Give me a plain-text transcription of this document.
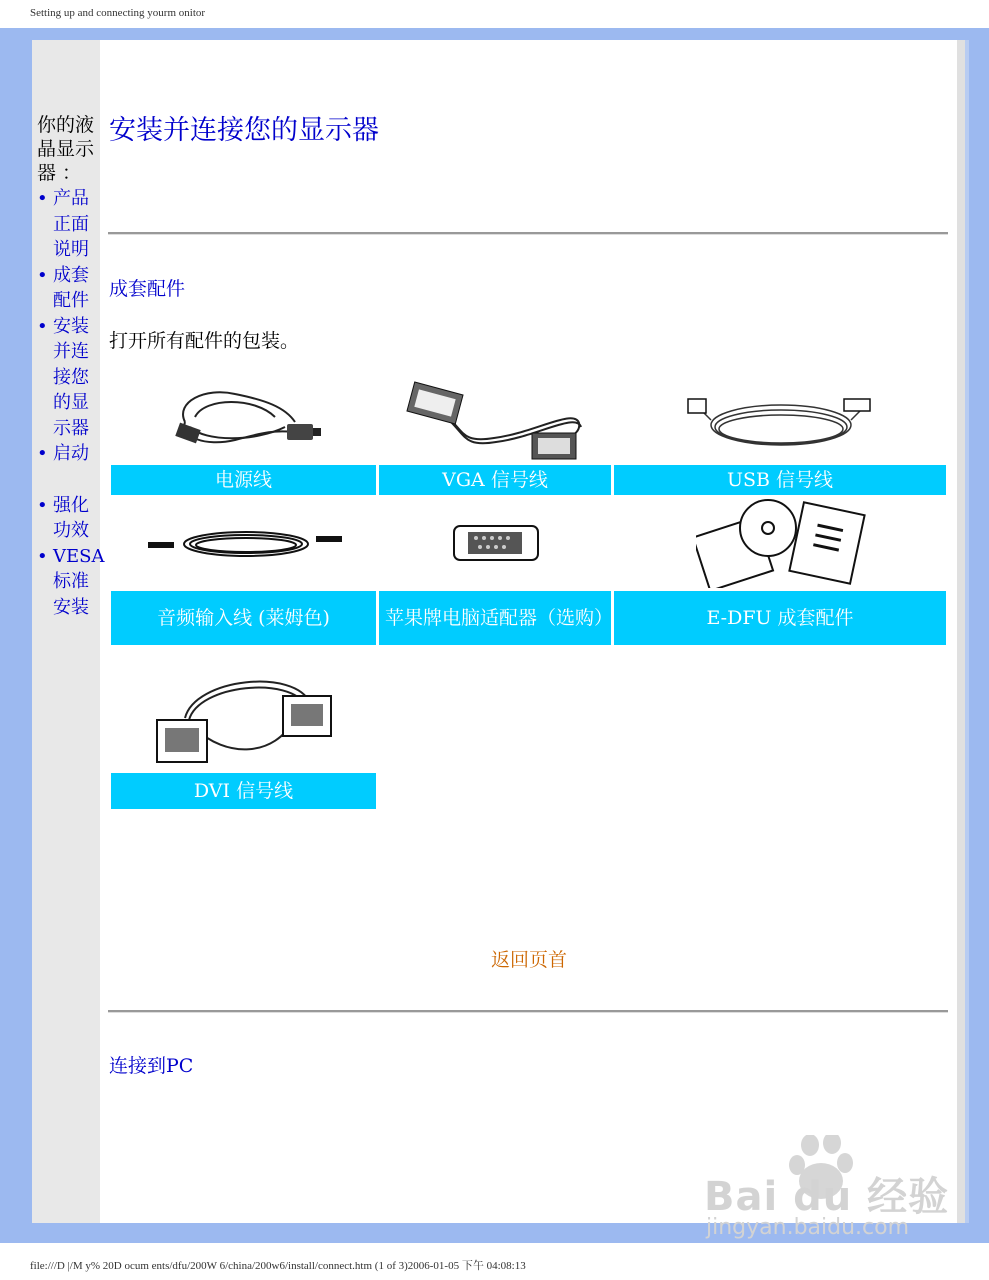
Setting up and connecting yourm onitor
你的液晶显示器 ：
• 产品正面说明
• 成套配件
• 安装并连接您的显示器
• 启动
• 强化功效
• VESA标准安装
安装并连接您的显示器
成套配件
打开所有配件的包装。
电源线	VGA 信号线	USB 信号线
音频输入线 (莱姆色)	苹果牌电脑适配器（选购）	E-DFU 成套配件
DVI 信号线
返回页首
连接到PC
Bai du 经验
jingyan.baidu.com
file:///D |/M y% 20D ocum ents/dfu/200W 6/china/200w6/install/connect.htm (1 of 3)2006-01-05 下午 04:08:13
